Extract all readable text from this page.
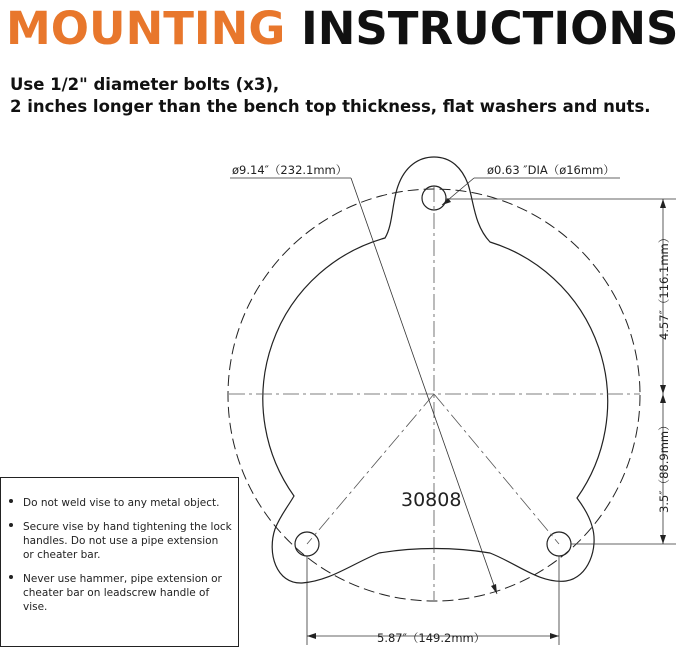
MOUNTING INSTRUCTIONS
Use 1/2" diameter bolts (x3),
2 inches longer than the bench top thickness, flat washers and nuts.
ø9.14″（232.1mm）	ø0.63 ″DIA（ø16mm）
4.57″（116.1mm）
3.5″（88.9mm）
5.87″（149.2mm）
30808
Do not weld vise to any metal object.
Secure vise by hand tightening the lock handles. Do not use a pipe extension or cheater bar.
Never use hammer, pipe extension or cheater bar on leadscrew handle of vise.
